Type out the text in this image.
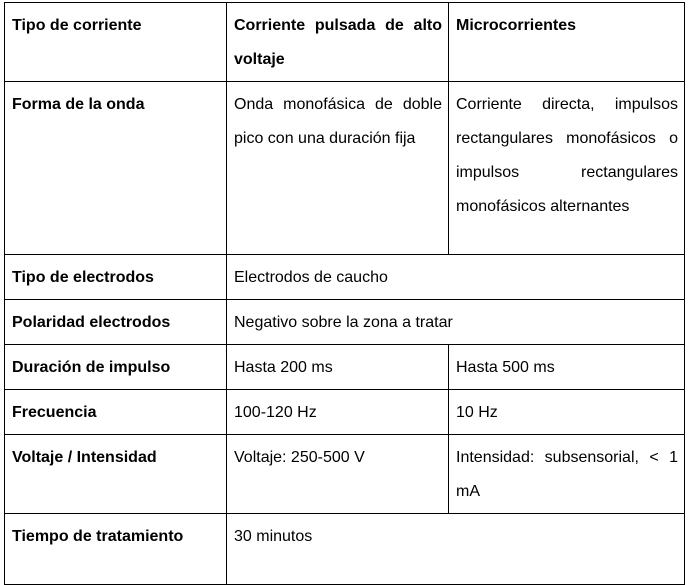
Tipo de corriente	Corriente pulsada de alto voltaje	Microcorrientes
Forma de la onda	Onda monofásica de doble pico con una duración fija	Corriente directa, impulsos rectangulares monofásicos o impulsos rectangulares monofásicos alternantes
Tipo de electrodos	Electrodos de caucho	
Polaridad electrodos	Negativo sobre la zona a tratar	
Duración de impulso	Hasta 200 ms	Hasta 500 ms
Frecuencia	100-120 Hz	10 Hz
Voltaje / Intensidad	Voltaje: 250-500 V	Intensidad: subsensorial, < 1 mA
Tiempo de tratamiento	30 minutos	
